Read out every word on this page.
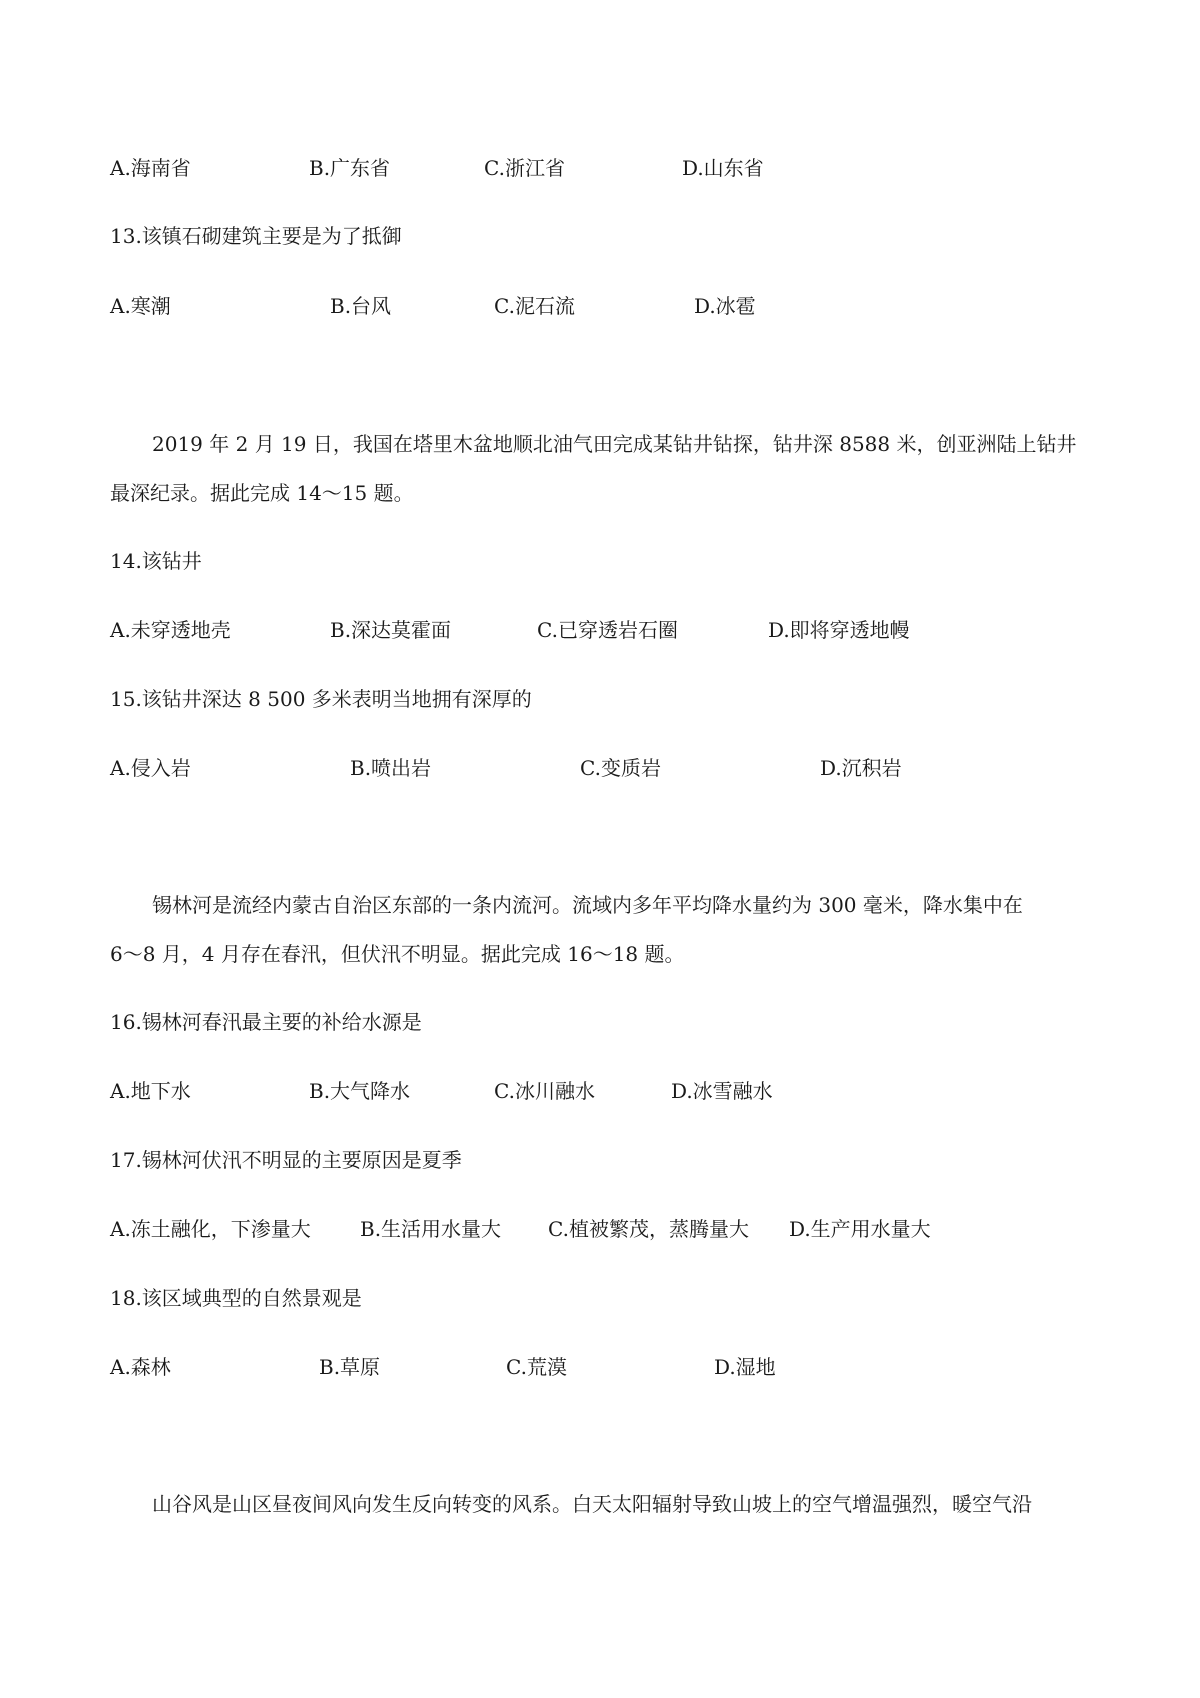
A.海南省	B.广东省	C.浙江省	D.山东省
13.该镇石砌建筑主要是为了抵御
A.寒潮	B.台风	C.泥石流	D.冰雹
2019 年 2 月 19 日，我国在塔里木盆地顺北油气田完成某钻井钻探，钻井深 8588 米，创亚洲陆上钻井
最深纪录。据此完成 14～15 题。
14.该钻井
A.未穿透地壳	B.深达莫霍面	C.已穿透岩石圈	D.即将穿透地幔
15.该钻井深达 8 500 多米表明当地拥有深厚的
A.侵入岩	B.喷出岩	C.变质岩	D.沉积岩
锡林河是流经内蒙古自治区东部的一条内流河。流域内多年平均降水量约为 300 毫米，降水集中在
6～8 月，4 月存在春汛，但伏汛不明显。据此完成 16～18 题。
16.锡林河春汛最主要的补给水源是
A.地下水	B.大气降水	C.冰川融水	D.冰雪融水
17.锡林河伏汛不明显的主要原因是夏季
A.冻土融化，下渗量大 B.生活用水量大 C.植被繁茂，蒸腾量大 D.生产用水量大
18.该区域典型的自然景观是
A.森林	B.草原	C.荒漠	D.湿地
山谷风是山区昼夜间风向发生反向转变的风系。白天太阳辐射导致山坡上的空气增温强烈，暖空气沿
